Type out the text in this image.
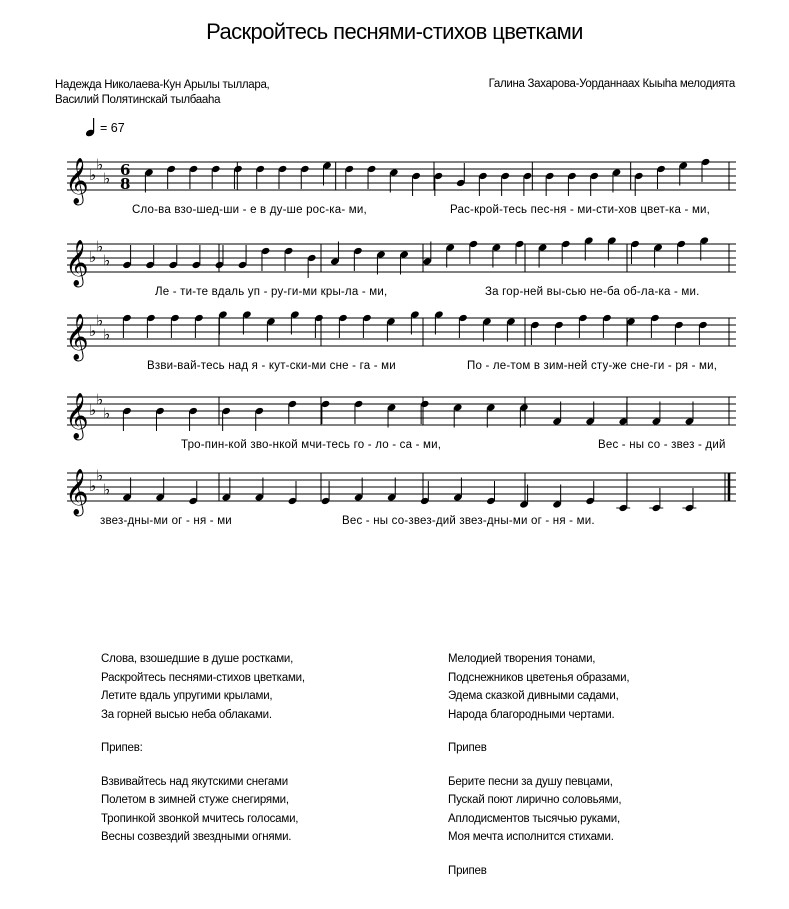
Раскройтесь песнями-стихов цветками
Надежда Николаева-Кун Арылы тыллара,
Василий Полятинскай тылбааһа
Галина Захарова-Уорданнаах Кыыһа мелодията
= 67
𝄞 ♭
♭
♭ 6
8
Сло-ва взо-шед-ши - е в ду-ше рос-ка- ми,	Рас-крой-тесь пес-ня - ми-сти-хов цвет-ка - ми,
𝄞 ♭
♭
♭
Ле - ти-те вдаль уп - ру-ги-ми кры-ла - ми,	За гор-ней вы-сью не-ба об-ла-ка - ми.
𝄞 ♭
♭
♭
Взви-вай-тесь над я - кут-ски-ми сне - га - ми	По - ле-том в зим-ней сту-же сне-ги - ря - ми,
𝄞 ♭
♭
♭
Тро-пин-кой зво-нкой мчи-тесь го - ло - са - ми,	Вес - ны со - звез - дий
𝄞 ♭
♭
♭
звез-дны-ми ог - ня - ми	Вес - ны со-звез-дий звез-дны-ми ог - ня - ми.
Слова, взошедшие в душе ростками,
Раскройтесь песнями-стихов цветками,
Летите вдаль упругими крылами,
За горней высью неба облаками.
Припев:
Взвивайтесь над якутскими снегами
Полетом в зимней стуже снегирями,
Тропинкой звонкой мчитесь голосами,
Весны созвездий звездными огнями.
Мелодией творения тонами,
Подснежников цветенья образами,
Эдема сказкой дивными садами,
Народа благородными чертами.
Припев
Берите песни за душу певцами,
Пускай поют лирично соловьями,
Аплодисментов тысячью руками,
Моя мечта исполнится стихами.
Припев
